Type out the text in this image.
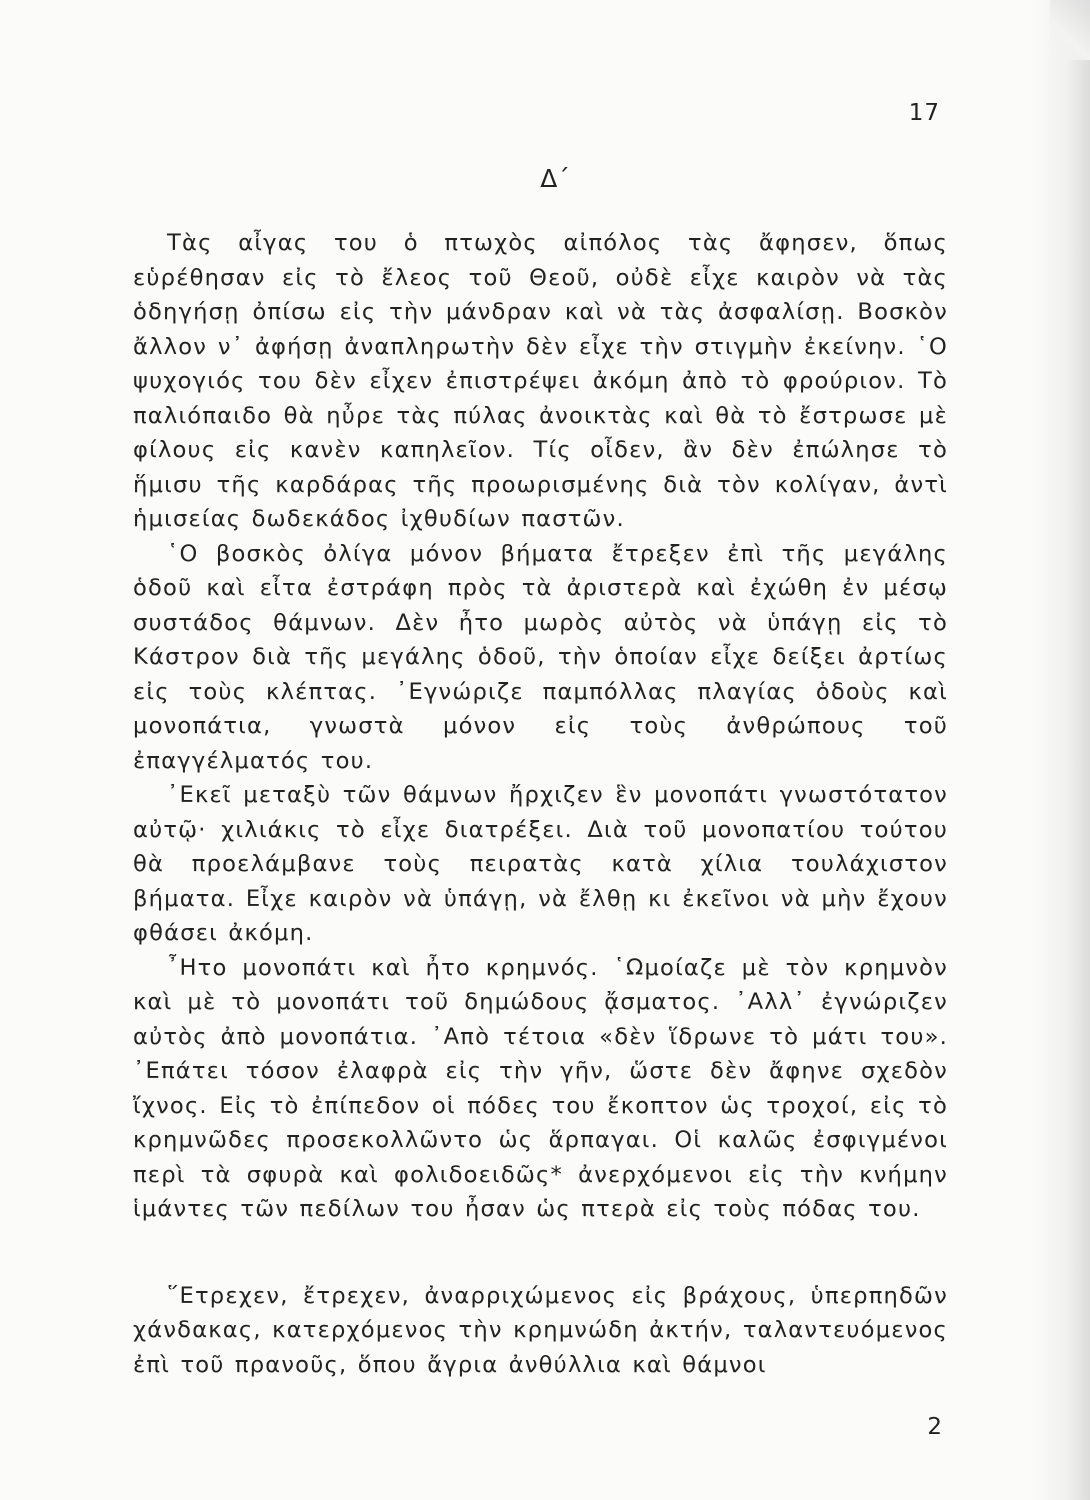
17
Δ΄

Τὰς αἶγας του ὁ πτωχὸς αἰπόλος τὰς ἄφησεν, ὅπως εὑρέθησαν εἰς τὸ ἔλεος τοῦ Θεοῦ, οὐδὲ εἶχε καιρὸν νὰ τὰς ὁδηγήσῃ ὀπίσω εἰς τὴν μάνδραν καὶ νὰ τὰς ἀσφαλίσῃ. Βοσκὸν ἄλλον ν᾿ ἀφήσῃ ἀναπληρωτὴν δὲν εἶχε τὴν στιγμὴν ἐκείνην. ῾Ο ψυχογιός του δὲν εἶχεν ἐπιστρέψει ἀκόμη ἀπὸ τὸ φρούριον. Τὸ παλιόπαιδο θὰ ηὖρε τὰς πύλας ἀνοικτὰς καὶ θὰ τὸ ἔστρωσε μὲ φίλους εἰς κανὲν καπηλεῖον. Τίς οἶδεν, ἂν δὲν ἐπώλησε τὸ ἥμισυ τῆς καρδάρας τῆς προωρισμένης διὰ τὸν κολίγαν, ἀντὶ ἡμισείας δωδεκάδος ἰχθυδίων παστῶν.

῾Ο βοσκὸς ὀλίγα μόνον βήματα ἔτρεξεν ἐπὶ τῆς μεγάλης ὁδοῦ καὶ εἶτα ἐστράφη πρὸς τὰ ἀριστερὰ καὶ ἐχώθη ἐν μέσῳ συστάδος θάμνων. Δὲν ἦτο μωρὸς αὐτὸς νὰ ὑπάγῃ εἰς τὸ Κάστρον διὰ τῆς μεγάλης ὁδοῦ, τὴν ὁποίαν εἶχε δείξει ἀρτίως εἰς τοὺς κλέπτας. ᾿Εγνώριζε παμπόλλας πλαγίας ὁδοὺς καὶ μονοπάτια, γνωστὰ μόνον εἰς τοὺς ἀνθρώπους τοῦ ἐπαγγέλματός του.

᾿Εκεῖ μεταξὺ τῶν θάμνων ἤρχιζεν ἓν μονοπάτι γνωστότατον αὐτῷ· χιλιάκις τὸ εἶχε διατρέξει. Διὰ τοῦ μονοπατίου τούτου θὰ προελάμβανε τοὺς πειρατὰς κατὰ χίλια τουλάχιστον βήματα. Εἶχε καιρὸν νὰ ὑπάγῃ, νὰ ἔλθῃ κι ἐκεῖνοι νὰ μὴν ἔχουν φθάσει ἀκόμη.

῏Ητο μονοπάτι καὶ ἦτο κρημνός. ῾Ωμοίαζε μὲ τὸν κρημνὸν καὶ μὲ τὸ μονοπάτι τοῦ δημώδους ᾄσματος. ᾿Αλλ᾿ ἐγνώριζεν αὐτὸς ἀπὸ μονοπάτια. ᾿Απὸ τέτοια «δὲν ἵδρωνε τὸ μάτι του». ᾿Επάτει τόσον ἐλαφρὰ εἰς τὴν γῆν, ὥστε δὲν ἄφηνε σχεδὸν ἴχνος. Εἰς τὸ ἐπίπεδον οἱ πόδες του ἔκοπτον ὡς τροχοί, εἰς τὸ κρημνῶδες προσεκολλῶντο ὡς ἅρπαγαι. Οἱ καλῶς ἐσφιγμένοι περὶ τὰ σφυρὰ καὶ φολιδοειδῶς* ἀνερχόμενοι εἰς τὴν κνήμην ἱμάντες τῶν πεδίλων του ἦσαν ὡς πτερὰ εἰς τοὺς πόδας του.

῞Ετρεχεν, ἔτρεχεν, ἀναρριχώμενος εἰς βράχους, ὑπερπηδῶν χάνδακας, κατερχόμενος τὴν κρημνώδη ἀκτήν, ταλαντευόμενος ἐπὶ τοῦ πρανοῦς, ὅπου ἄγρια ἀνθύλλια καὶ θάμνοι

2
